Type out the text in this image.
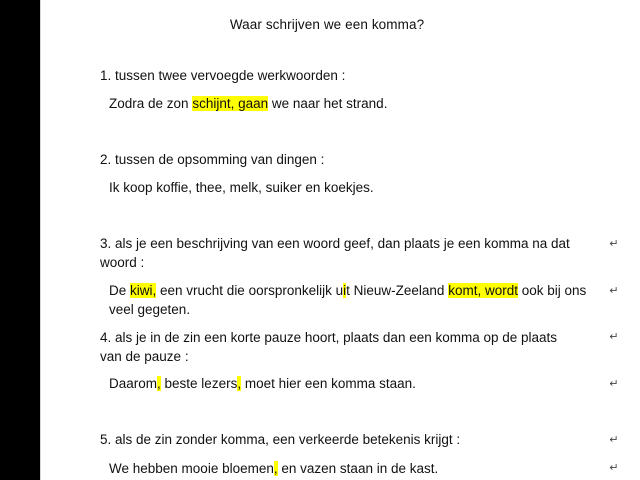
Waar schrijven we een komma?
1. tussen twee vervoegde werkwoorden :
Zodra de zon schijnt, gaan we naar het strand.
2. tussen de opsomming van dingen :
Ik koop koffie, thee, melk, suiker en koekjes.
3. als je een beschrijving van een woord geef, dan plaats je een komma na dat woord :
De kiwi, een vrucht die oorspronkelijk uit Nieuw-Zeeland komt, wordt ook bij ons veel gegeten.
4. als je in de zin een korte pauze hoort, plaats dan een komma op de plaats van de pauze :
Daarom, beste lezers, moet hier een komma staan.
5. als de zin zonder komma, een verkeerde betekenis krijgt :
We hebben mooie bloemen, en vazen staan in de kast.
↵
↵
↵
↵
↵
↵
